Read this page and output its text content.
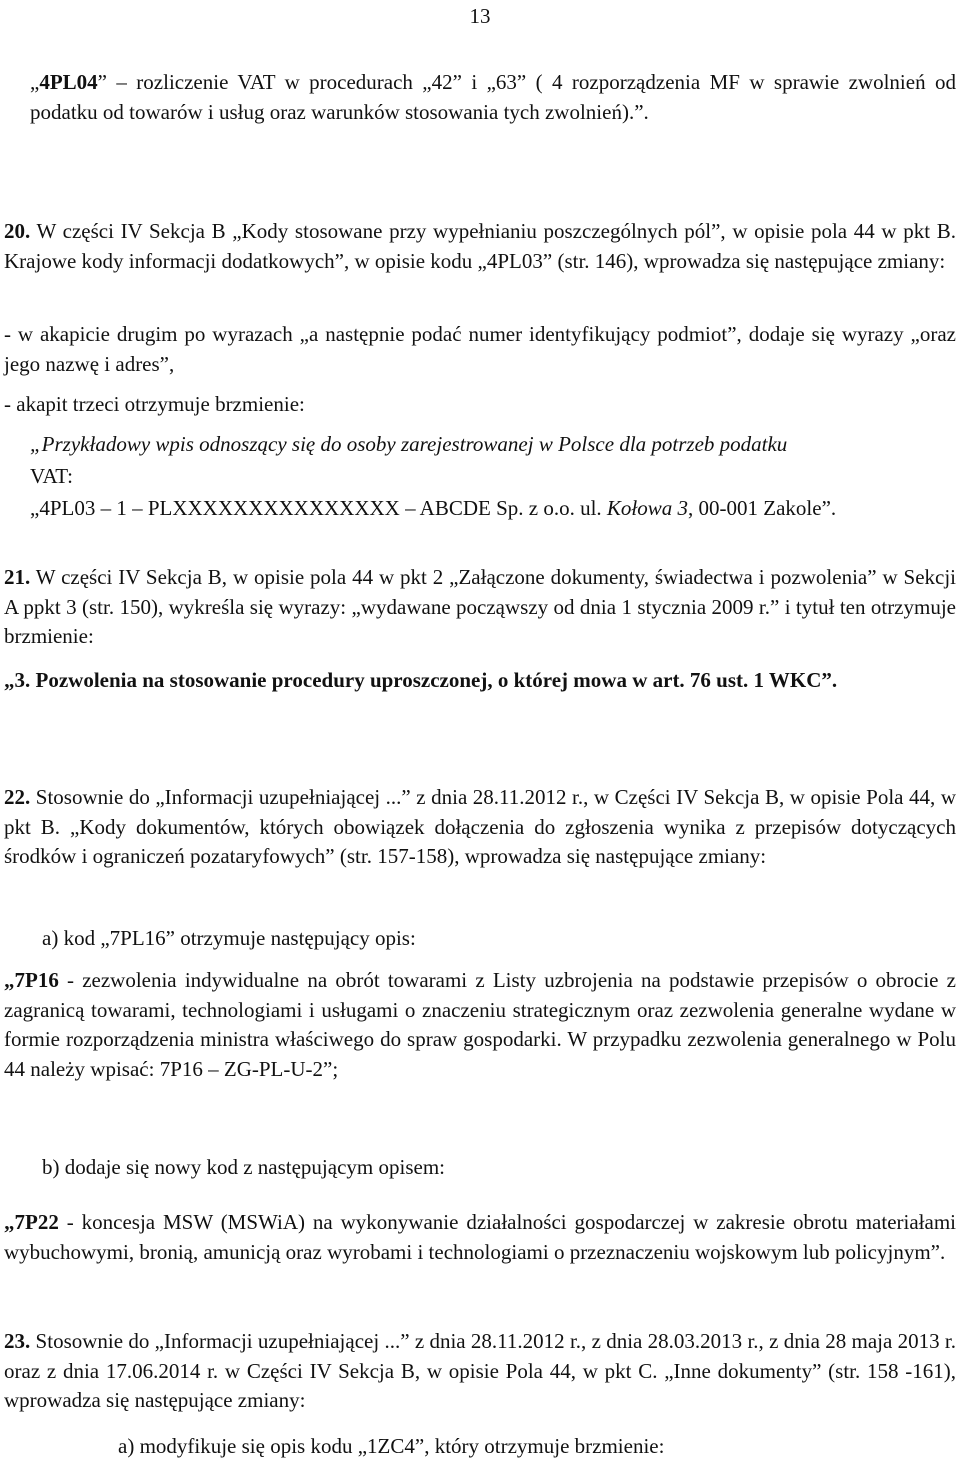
13

„4PL04” – rozliczenie VAT w procedurach „42” i „63” ( 4 rozporządzenia MF w sprawie zwolnień od podatku od towarów i usług oraz warunków stosowania tych zwolnień).”.

20. W części IV Sekcja B „Kody stosowane przy wypełnianiu poszczególnych pól”, w opisie pola 44 w pkt B. Krajowe kody informacji dodatkowych”, w opisie kodu „4PL03” (str. 146), wprowadza się następujące zmiany:

- w akapicie drugim po wyrazach „a następnie podać numer identyfikujący podmiot”, dodaje się wyrazy „oraz jego nazwę i adres”,

- akapit trzeci otrzymuje brzmienie:

„Przykładowy wpis odnoszący się do osoby zarejestrowanej w Polsce dla potrzeb podatku

VAT:

„4PL03 – 1 – PLXXXXXXXXXXXXXXX – ABCDE Sp. z o.o. ul. Kołowa 3, 00-001 Zakole”.

21. W części IV Sekcja B, w opisie pola 44 w pkt 2 „Załączone dokumenty, świadectwa i pozwolenia” w Sekcji A ppkt 3 (str. 150), wykreśla się wyrazy: „wydawane począwszy od dnia 1 stycznia 2009 r.” i tytuł ten otrzymuje brzmienie:

„3. Pozwolenia na stosowanie procedury uproszczonej, o której mowa w art. 76 ust. 1 WKC”.

22. Stosownie do „Informacji uzupełniającej ...” z dnia 28.11.2012 r., w Części IV Sekcja B, w opisie Pola 44, w pkt B. „Kody dokumentów, których obowiązek dołączenia do zgłoszenia wynika z przepisów dotyczących środków i ograniczeń pozataryfowych” (str. 157-158), wprowadza się następujące zmiany:

a) kod „7PL16” otrzymuje następujący opis:

„7P16 - zezwolenia indywidualne na obrót towarami z Listy uzbrojenia na podstawie przepisów o obrocie z zagranicą towarami, technologiami i usługami o znaczeniu strategicznym oraz zezwolenia generalne wydane w formie rozporządzenia ministra właściwego do spraw gospodarki. W przypadku zezwolenia generalnego w Polu 44 należy wpisać: 7P16 – ZG-PL-U-2”;

b) dodaje się nowy kod z następującym opisem:

„7P22 - koncesja MSW (MSWiA) na wykonywanie działalności gospodarczej w zakresie obrotu materiałami wybuchowymi, bronią, amunicją oraz wyrobami i technologiami o przeznaczeniu wojskowym lub policyjnym”.

23. Stosownie do „Informacji uzupełniającej ...” z dnia 28.11.2012 r., z dnia 28.03.2013 r., z dnia 28 maja 2013 r. oraz z dnia 17.06.2014 r. w Części IV Sekcja B, w opisie Pola 44, w pkt C. „Inne dokumenty” (str. 158 -161), wprowadza się następujące zmiany:

a) modyfikuje się opis kodu „1ZC4”, który otrzymuje brzmienie:
